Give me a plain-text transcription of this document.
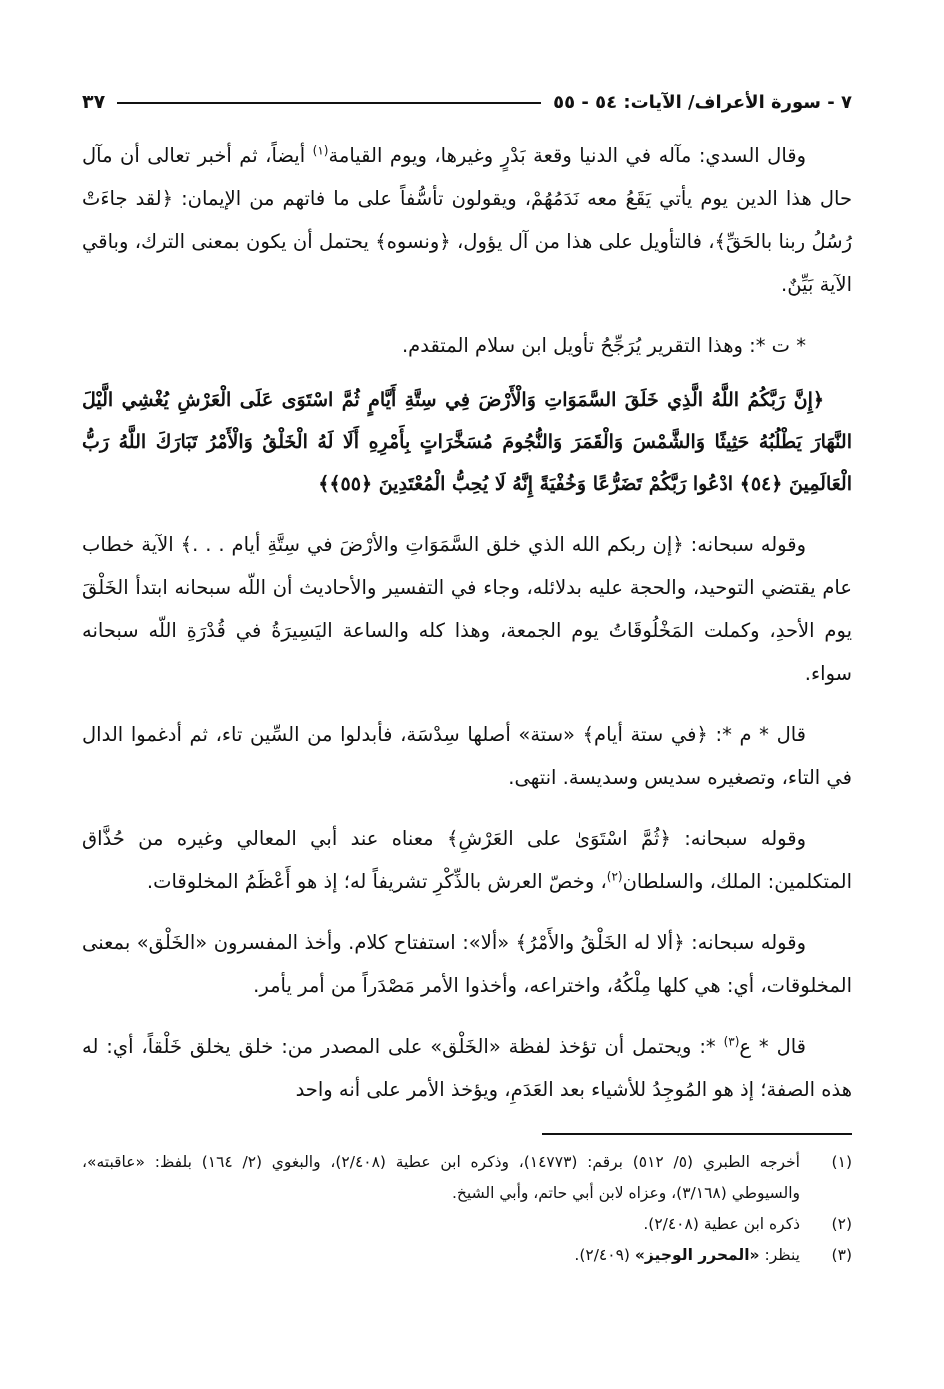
٧ - سورة الأعراف/ الآيات: ٥٤ - ٥٥
٣٧

وقال السدي: مآله في الدنيا وقعة بَدْرٍ وغيرها، ويوم القيامة$^{(١)}$ أيضاً، ثم أخبر تعالى أن مآل حال هذا الدين يوم يأتي يَقَعُ معه نَدَمُهُمْ، ويقولون تأسُّفاً على ما فاتهم من الإيمان: ﴿لقد جاءَتْ رُسُلُ ربنا بالحَقِّ﴾، فالتأويل على هذا من آل يؤول، ﴿ونسوه﴾ يحتمل أن يكون بمعنى الترك، وباقي الآية بَيِّنٌ.

* ت *: وهذا التقرير يُرَجِّحُ تأويل ابن سلام المتقدم.

﴿إِنَّ رَبَّكُمُ اللَّهُ الَّذِي خَلَقَ السَّمَوَاتِ وَالْأَرْضَ فِي سِتَّةِ أَيَّامٍ ثُمَّ اسْتَوَى عَلَى الْعَرْشِ يُغْشِي الَّيْلَ النَّهَارَ يَطْلُبُهُ حَثِيثًا وَالشَّمْسَ وَالْقَمَرَ وَالنُّجُومَ مُسَخَّرَاتٍ بِأَمْرِهِ أَلَا لَهُ الْخَلْقُ وَالْأَمْرُ تَبَارَكَ اللَّهُ رَبُّ الْعَالَمِينَ ﴿٥٤﴾ ادْعُوا رَبَّكُمْ تَضَرُّعًا وَخُفْيَةً إِنَّهُ لَا يُحِبُّ الْمُعْتَدِينَ ﴿٥٥﴾﴾

وقوله سبحانه: ﴿إن ربكم الله الذي خلق السَّمَوَاتِ والأرْضَ في سِتَّةِ أيام . . .﴾ الآية خطاب عام يقتضي التوحيد، والحجة عليه بدلائله، وجاء في التفسير والأحاديث أن اللّه سبحانه ابتدأ الخَلْقَ يوم الأحدِ، وكملت المَخْلُوقَاتُ يوم الجمعة، وهذا كله والساعة اليَسِيرَةُ في قُدْرَةِ اللّه سبحانه سواء.

قال * م *: ﴿في ستة أيام﴾ «ستة» أصلها سِدْسَة، فأبدلوا من السِّين تاء، ثم أدغموا الدال في التاء، وتصغيره سديس وسديسة. انتهى.

وقوله سبحانه: ﴿ثُمَّ اسْتَوَىٰ على العَرْشِ﴾ معناه عند أبي المعالي وغيره من حُذَّاق المتكلمين: الملك، والسلطان$^{(٢)}$، وخصّ العرش بالذِّكْرِ تشريفاً له؛ إذ هو أَعْظَمُ المخلوقات.

وقوله سبحانه: ﴿ألا له الخَلْقُ والأَمْرُ﴾ «ألا»: استفتاح كلام. وأخذ المفسرون «الخَلْق» بمعنى المخلوقات، أي: هي كلها مِلْكُهُ، واختراعه، وأخذوا الأمر مَصْدَراً من أمر يأمر.

قال * ع$^{(٣)}$ *: ويحتمل أن تؤخذ لفظة «الخَلْق» على المصدر من: خلق يخلق خَلْقاً، أي: له هذه الصفة؛ إذ هو المُوجِدُ للأشياء بعد العَدَمِ، ويؤخذ الأمر على أنه واحد

(١)
أخرجه الطبري (٥/ ٥١٢) برقم: (١٤٧٧٣)، وذكره ابن عطية (٢/٤٠٨)، والبغوي (٢/ ١٦٤) بلفظ: «عاقبته»، والسيوطي (٣/١٦٨)، وعزاه لابن أبي حاتم، وأبي الشيخ.
(٢)
ذكره ابن عطية (٢/٤٠٨).
(٣)
ينظر: «المحرر الوجيز» (٢/٤٠٩).
